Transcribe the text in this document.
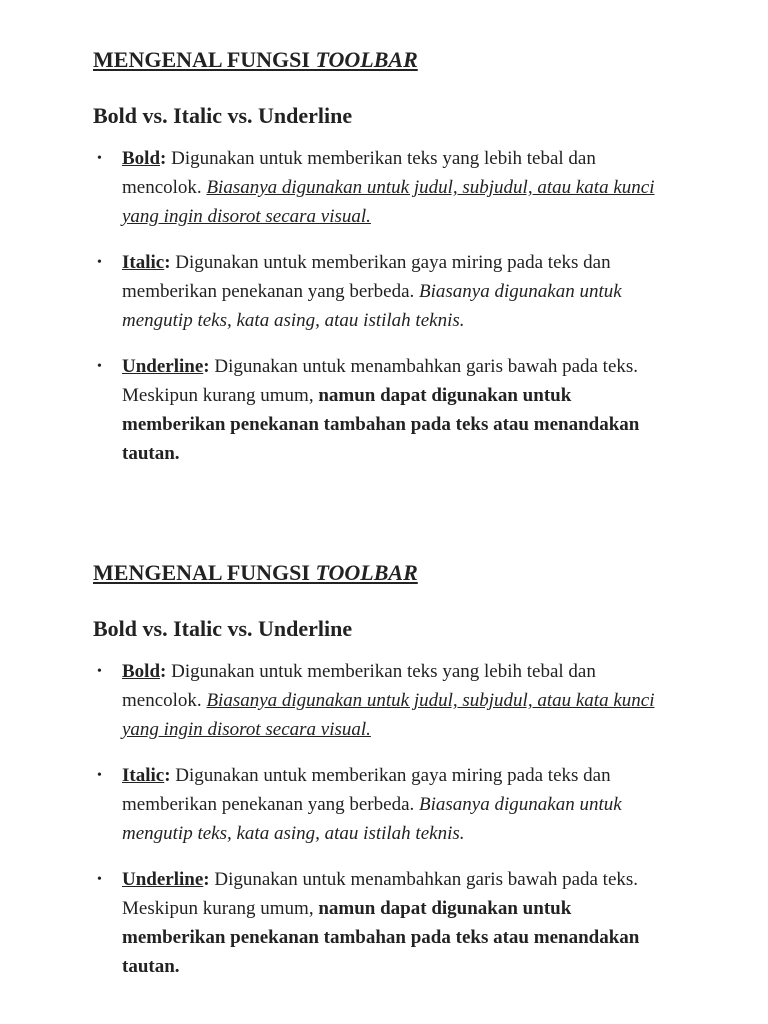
MENGENAL FUNGSI TOOLBAR
Bold vs. Italic vs. Underline
• Bold: Digunakan untuk memberikan teks yang lebih tebal dan mencolok. Biasanya digunakan untuk judul, subjudul, atau kata kunci yang ingin disorot secara visual.
• Italic: Digunakan untuk memberikan gaya miring pada teks dan memberikan penekanan yang berbeda. Biasanya digunakan untuk mengutip teks, kata asing, atau istilah teknis.
• Underline: Digunakan untuk menambahkan garis bawah pada teks. Meskipun kurang umum, namun dapat digunakan untuk memberikan penekanan tambahan pada teks atau menandakan tautan.
MENGENAL FUNGSI TOOLBAR
Bold vs. Italic vs. Underline
• Bold: Digunakan untuk memberikan teks yang lebih tebal dan mencolok. Biasanya digunakan untuk judul, subjudul, atau kata kunci yang ingin disorot secara visual.
• Italic: Digunakan untuk memberikan gaya miring pada teks dan memberikan penekanan yang berbeda. Biasanya digunakan untuk mengutip teks, kata asing, atau istilah teknis.
• Underline: Digunakan untuk menambahkan garis bawah pada teks. Meskipun kurang umum, namun dapat digunakan untuk memberikan penekanan tambahan pada teks atau menandakan tautan.
